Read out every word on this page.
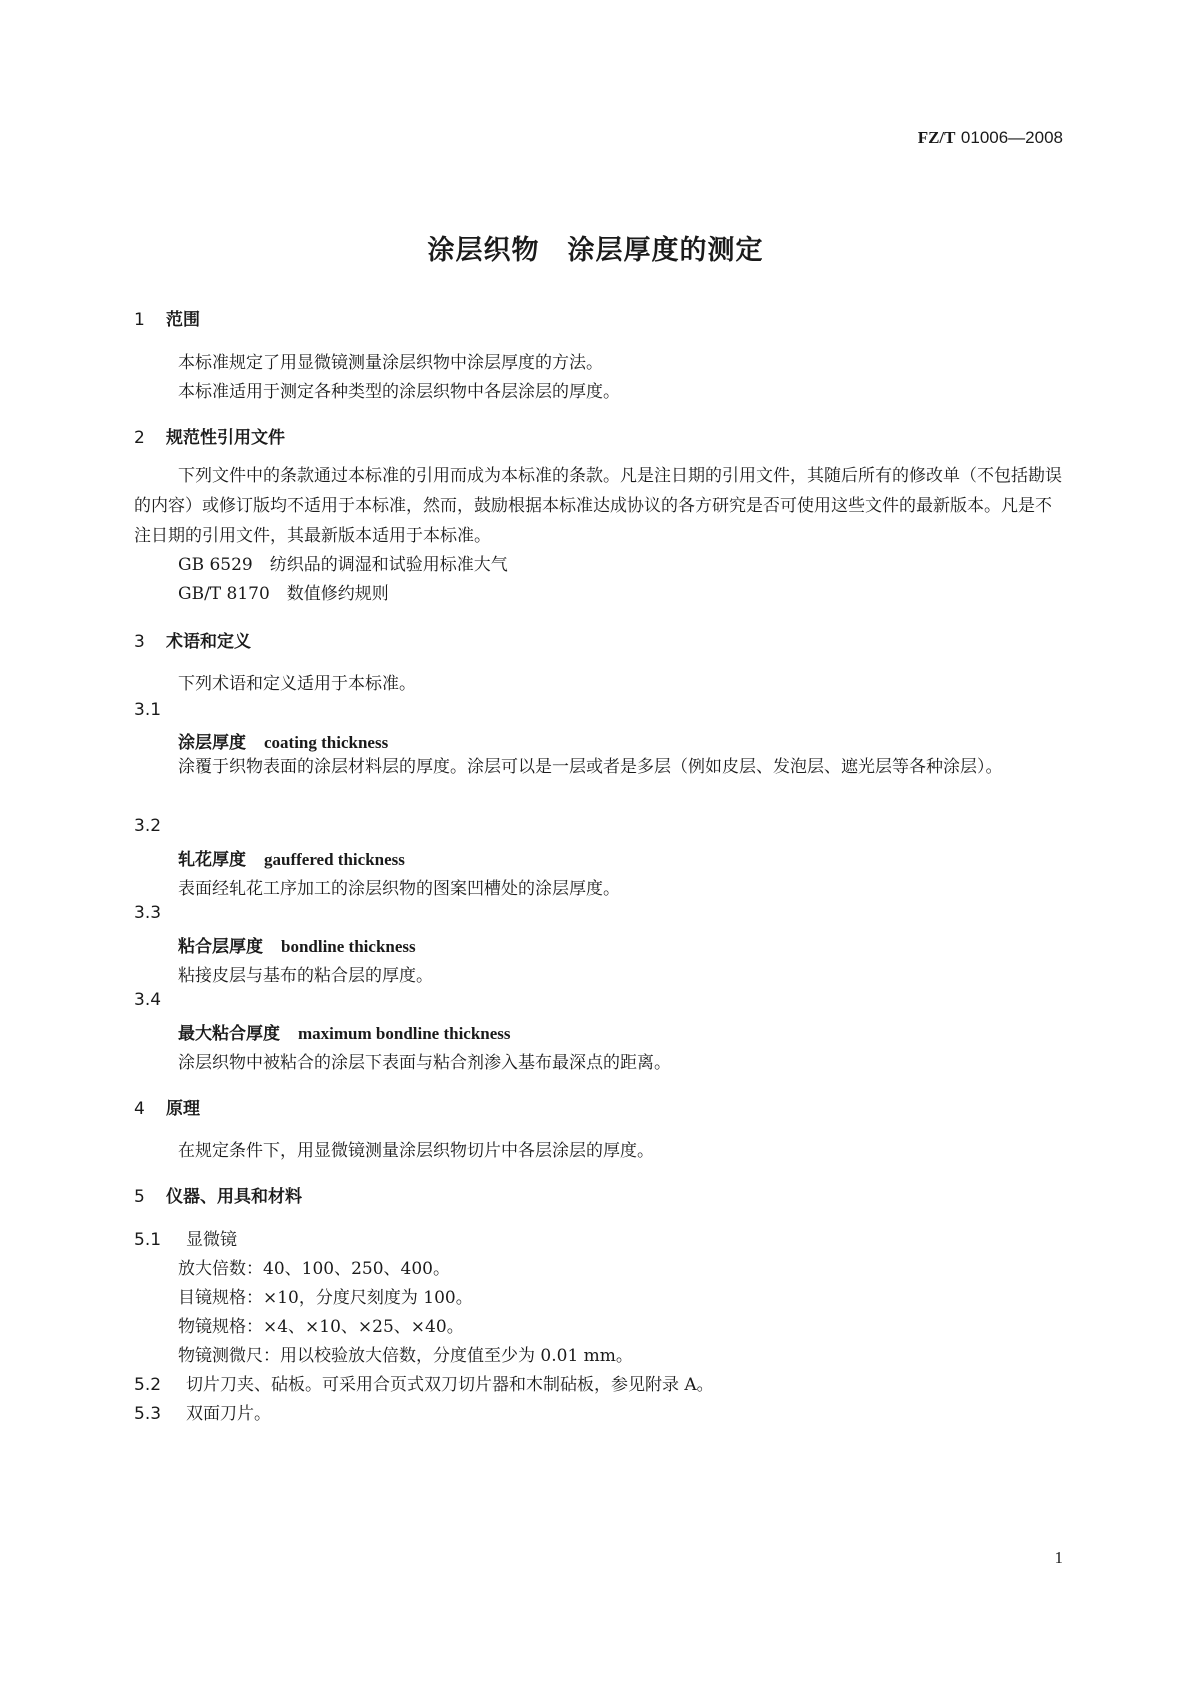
FZ/T 01006—2008
涂层织物　涂层厚度的测定
1 范围
本标准规定了用显微镜测量涂层织物中涂层厚度的方法。
本标准适用于测定各种类型的涂层织物中各层涂层的厚度。
2 规范性引用文件
下列文件中的条款通过本标准的引用而成为本标准的条款。凡是注日期的引用文件，其随后所有的修改单（不包括勘误的内容）或修订版均不适用于本标准，然而，鼓励根据本标准达成协议的各方研究是否可使用这些文件的最新版本。凡是不注日期的引用文件，其最新版本适用于本标准。
GB 6529　纺织品的调湿和试验用标准大气
GB/T 8170　数值修约规则
3 术语和定义
下列术语和定义适用于本标准。
3.1
涂层厚度 coating thickness
涂覆于织物表面的涂层材料层的厚度。涂层可以是一层或者是多层（例如皮层、发泡层、遮光层等各种涂层）。
3.2
轧花厚度 gauffered thickness
表面经轧花工序加工的涂层织物的图案凹槽处的涂层厚度。
3.3
粘合层厚度 bondline thickness
粘接皮层与基布的粘合层的厚度。
3.4
最大粘合厚度 maximum bondline thickness
涂层织物中被粘合的涂层下表面与粘合剂渗入基布最深点的距离。
4 原理
在规定条件下，用显微镜测量涂层织物切片中各层涂层的厚度。
5 仪器、用具和材料
5.1 显微镜
放大倍数：40、100、250、400。
目镜规格：×10，分度尺刻度为 100。
物镜规格：×4、×10、×25、×40。
物镜测微尺：用以校验放大倍数，分度值至少为 0.01 mm。
5.2 切片刀夹、砧板。可采用合页式双刀切片器和木制砧板，参见附录 A。
5.3 双面刀片。
1
